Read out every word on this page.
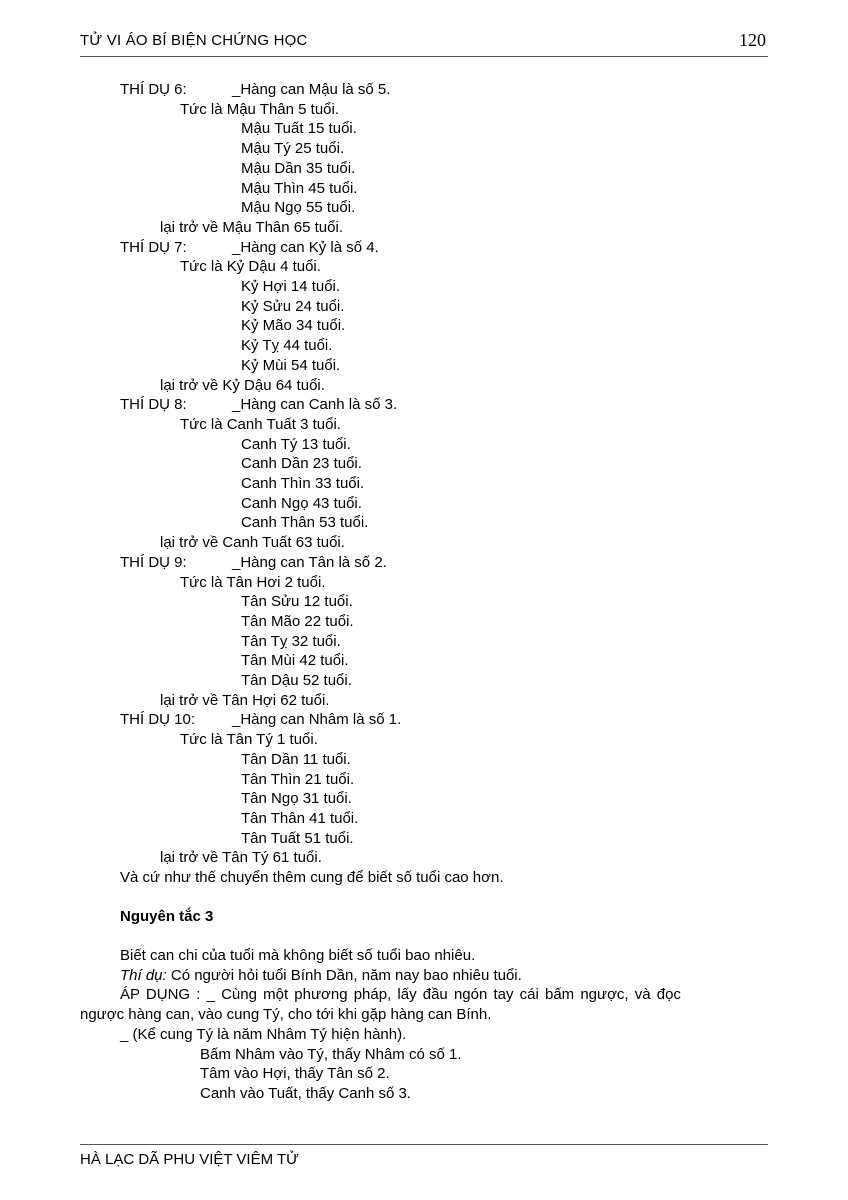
TỬ VI ÁO BÍ BIỆN CHỨNG HỌC	120
THÍ DỤ 6:	_Hàng can Mậu là số 5.
Tức là Mậu Thân 5 tuổi.
Mậu Tuất 15 tuổi.
Mậu Tý 25 tuổi.
Mậu Dần 35 tuổi.
Mậu Thìn 45 tuổi.
Mậu Ngọ 55 tuổi.
lại trở về Mậu Thân 65 tuổi.
THÍ DỤ 7:	_Hàng can Kỷ là số 4.
Tức là Kỷ Dậu 4 tuổi.
Kỷ Hợi 14 tuổi.
Kỷ Sửu 24 tuổi.
Kỷ Mão 34 tuổi.
Kỷ Tỵ 44 tuổi.
Kỷ Mùi 54 tuổi.
lại trở về Kỷ Dậu 64 tuổi.
THÍ DỤ 8:	_Hàng can Canh là số 3.
Tức là Canh Tuất 3 tuổi.
Canh Tý 13 tuổi.
Canh Dần 23 tuổi.
Canh Thìn 33 tuổi.
Canh Ngọ 43 tuổi.
Canh Thân 53 tuổi.
lại trở về Canh Tuất 63 tuổi.
THÍ DỤ 9:	_Hàng can Tân là số 2.
Tức là Tân Hơi 2 tuổi.
Tân Sửu 12 tuổi.
Tân Mão 22 tuổi.
Tân Tỵ 32 tuổi.
Tân Mùi 42 tuổi.
Tân Dậu 52 tuổi.
lại trở về Tân Hợi 62 tuổi.
THÍ DỤ 10: _Hàng can Nhâm là số 1.
Tức là Tân Tý 1 tuổi.
Tân Dần 11 tuổi.
Tân Thìn 21 tuổi.
Tân Ngọ 31 tuổi.
Tân Thân 41 tuổi.
Tân Tuất 51 tuổi.
lại trở về Tân Tý 61 tuổi.
Và cứ như thế chuyển thêm cung để biết số tuổi cao hơn.
Nguyên tắc 3
Biết can chi của tuổi mà không biết số tuổi bao nhiêu.
Thí dụ: Có người hỏi tuổi Bính Dần, năm nay bao nhiêu tuổi.
ÁP DỤNG : _ Cùng một phương pháp, lấy đầu ngón tay cái bấm ngược, và đọc
ngược hàng can, vào cung Tý, cho tới khi gặp hàng can Bính.
_ (Kể cung Tý là năm Nhâm Tý hiện hành).
Bấm Nhâm vào Tý, thấy Nhâm có số 1.
Tâm vào Hợi, thấy Tân số 2.
Canh vào Tuất, thấy Canh số 3.
HÀ LẠC DÃ PHU VIỆT VIÊM TỬ
